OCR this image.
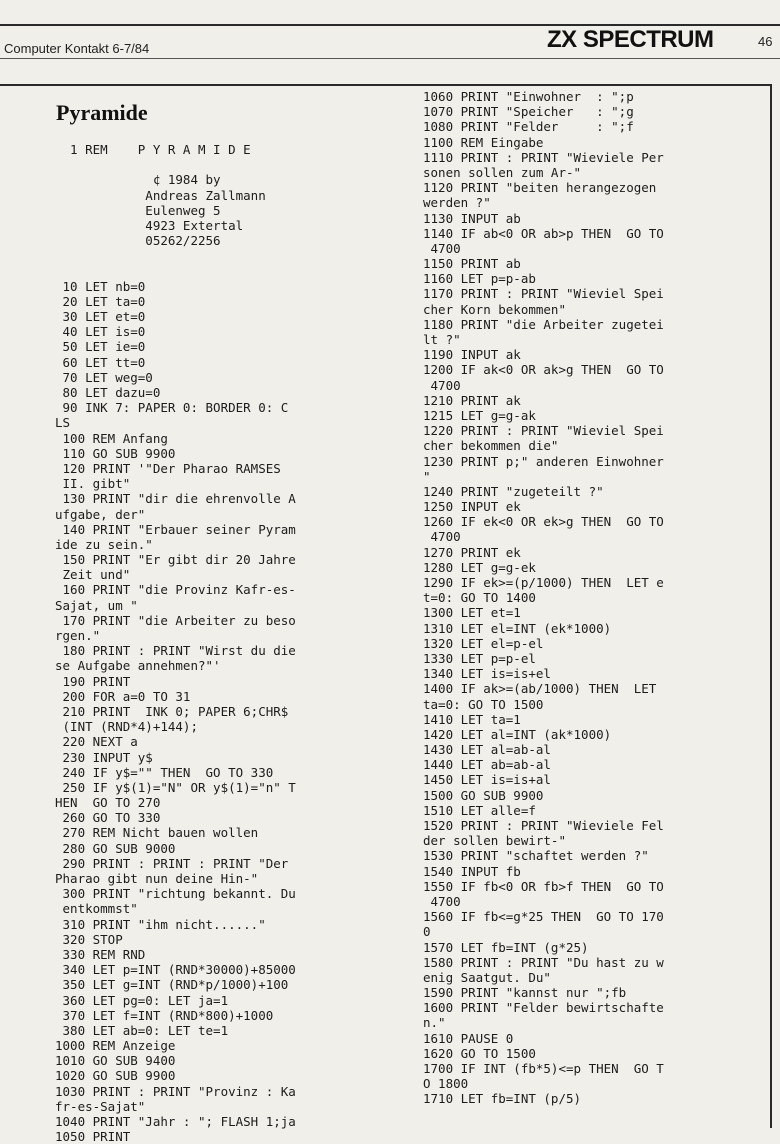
Computer Kontakt 6-7/84	ZX SPECTRUM	46
Pyramide
1 REM    P Y R A M I D E
¢ 1984 by
Andreas Zallmann
Eulenweg 5
4923 Extertal
05262/2256
10 LET nb=0
20 LET ta=0
30 LET et=0
40 LET is=0
50 LET ie=0
60 LET tt=0
70 LET weg=0
80 LET dazu=0
90 INK 7: PAPER 0: BORDER 0: C
LS
100 REM Anfang
110 GO SUB 9900
120 PRINT '"Der Pharao RAMSES
II. gibt"
130 PRINT "dir die ehrenvolle A
ufgabe, der"
140 PRINT "Erbauer seiner Pyram
ide zu sein."
150 PRINT "Er gibt dir 20 Jahre
Zeit und"
160 PRINT "die Provinz Kafr-es-
Sajat, um "
170 PRINT "die Arbeiter zu beso
rgen."
180 PRINT : PRINT "Wirst du die
se Aufgabe annehmen?"'
190 PRINT
200 FOR a=0 TO 31
210 PRINT  INK 0; PAPER 6;CHR$
(INT (RND*4)+144);
220 NEXT a
230 INPUT y$
240 IF y$="" THEN  GO TO 330
250 IF y$(1)="N" OR y$(1)="n" T
HEN  GO TO 270
260 GO TO 330
270 REM Nicht bauen wollen
280 GO SUB 9000
290 PRINT : PRINT : PRINT "Der
Pharao gibt nun deine Hin-"
300 PRINT "richtung bekannt. Du
entkommst"
310 PRINT "ihm nicht......"
320 STOP
330 REM RND
340 LET p=INT (RND*30000)+85000
350 LET g=INT (RND*p/1000)+100
360 LET pg=0: LET ja=1
370 LET f=INT (RND*800)+1000
380 LET ab=0: LET te=1
1000 REM Anzeige
1010 GO SUB 9400
1020 GO SUB 9900
1030 PRINT : PRINT "Provinz : Ka
fr-es-Sajat"
1040 PRINT "Jahr : "; FLASH 1;ja
1050 PRINT
1060 PRINT "Einwohner  : ";p
1070 PRINT "Speicher   : ";g
1080 PRINT "Felder     : ";f
1100 REM Eingabe
1110 PRINT : PRINT "Wieviele Per
sonen sollen zum Ar-"
1120 PRINT "beiten herangezogen
werden ?"
1130 INPUT ab
1140 IF ab<0 OR ab>p THEN  GO TO
4700
1150 PRINT ab
1160 LET p=p-ab
1170 PRINT : PRINT "Wieviel Spei
cher Korn bekommen"
1180 PRINT "die Arbeiter zugetei
lt ?"
1190 INPUT ak
1200 IF ak<0 OR ak>g THEN  GO TO
4700
1210 PRINT ak
1215 LET g=g-ak
1220 PRINT : PRINT "Wieviel Spei
cher bekommen die"
1230 PRINT p;" anderen Einwohner
"
1240 PRINT "zugeteilt ?"
1250 INPUT ek
1260 IF ek<0 OR ek>g THEN  GO TO
4700
1270 PRINT ek
1280 LET g=g-ek
1290 IF ek>=(p/1000) THEN  LET e
t=0: GO TO 1400
1300 LET et=1
1310 LET el=INT (ek*1000)
1320 LET el=p-el
1330 LET p=p-el
1340 LET is=is+el
1400 IF ak>=(ab/1000) THEN  LET
ta=0: GO TO 1500
1410 LET ta=1
1420 LET al=INT (ak*1000)
1430 LET al=ab-al
1440 LET ab=ab-al
1450 LET is=is+al
1500 GO SUB 9900
1510 LET alle=f
1520 PRINT : PRINT "Wieviele Fel
der sollen bewirt-"
1530 PRINT "schaftet werden ?"
1540 INPUT fb
1550 IF fb<0 OR fb>f THEN  GO TO
4700
1560 IF fb<=g*25 THEN  GO TO 170
0
1570 LET fb=INT (g*25)
1580 PRINT : PRINT "Du hast zu w
enig Saatgut. Du"
1590 PRINT "kannst nur ";fb
1600 PRINT "Felder bewirtschafte
n."
1610 PAUSE 0
1620 GO TO 1500
1700 IF INT (fb*5)<=p THEN  GO T
O 1800
1710 LET fb=INT (p/5)
